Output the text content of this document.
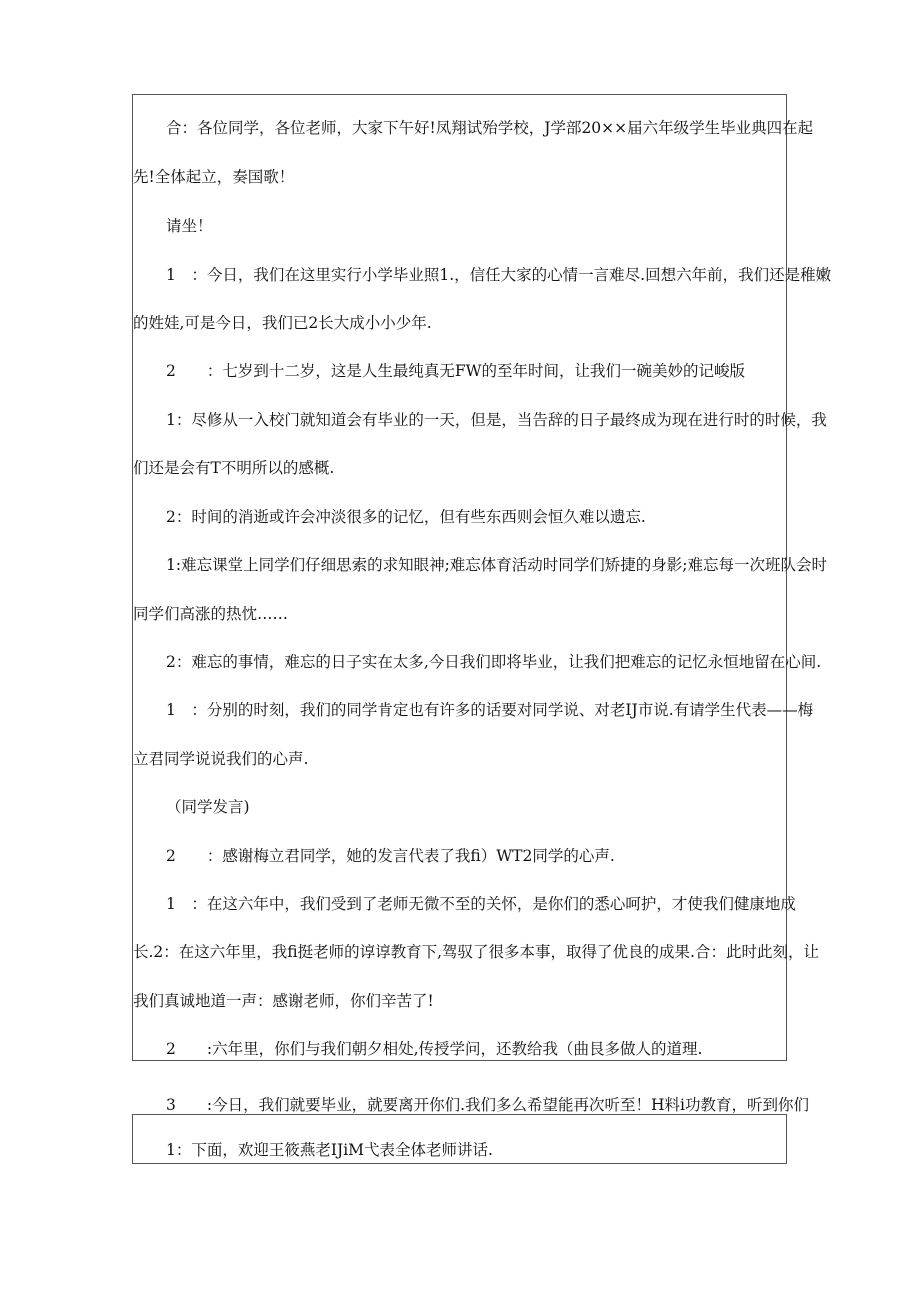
合：各位同学，各位老师，大家下午好!凤翔试殆学校，J学部20××届六年级学生毕业典四在起
先!全体起立，奏国歌！
请坐！
1　：今日，我们在这里实行小学毕业照1.，信任大家的心情一言难尽.回想六年前，我们还是稚嫩
的姓娃,可是今日，我们已2长大成小小少年.
2　　：七岁到十二岁，这是人生最纯真无FW的至年时间，让我们一碗美妙的记峻版
1：尽修从一入校门就知道会有毕业的一天，但是，当告辞的日子最终成为现在进行时的时候，我
们还是会有T不明所以的感概.
2：时间的消逝或许会冲淡很多的记忆，但有些东西则会恒久难以遗忘.
1:难忘课堂上同学们仔细思索的求知眼神;难忘体育活动时同学们矫捷的身影;难忘每一次班队会时
同学们高涨的热忱……
2：难忘的事情，难忘的日子实在太多,今日我们即将毕业，让我们把难忘的记忆永恒地留在心间.
1　：分别的时刻，我们的同学肯定也有许多的话要对同学说、对老IJ市说.有请学生代表——梅
立君同学说说我们的心声.
（同学发言)
2　　：感谢梅立君同学，她的发言代表了我fi）WT2同学的心声.
1　：在这六年中，我们受到了老师无微不至的关怀，是你们的悉心呵护，才使我们健康地成
长.2：在这六年里，我fi挺老师的谆谆教育下,驾驭了很多本事，取得了优良的成果.合：此时此刻，让
我们真诚地道一声：感谢老师，你们辛苦了!
2　　:六年里，你们与我们朝夕相处,传授学问，还教给我（曲艮多做人的道理.
3　　:今日，我们就要毕业，就要离开你们.我们多么希望能再次听至！H料i功教育，听到你们
1：下面，欢迎王筱燕老IJiM弋表全体老师讲话.
